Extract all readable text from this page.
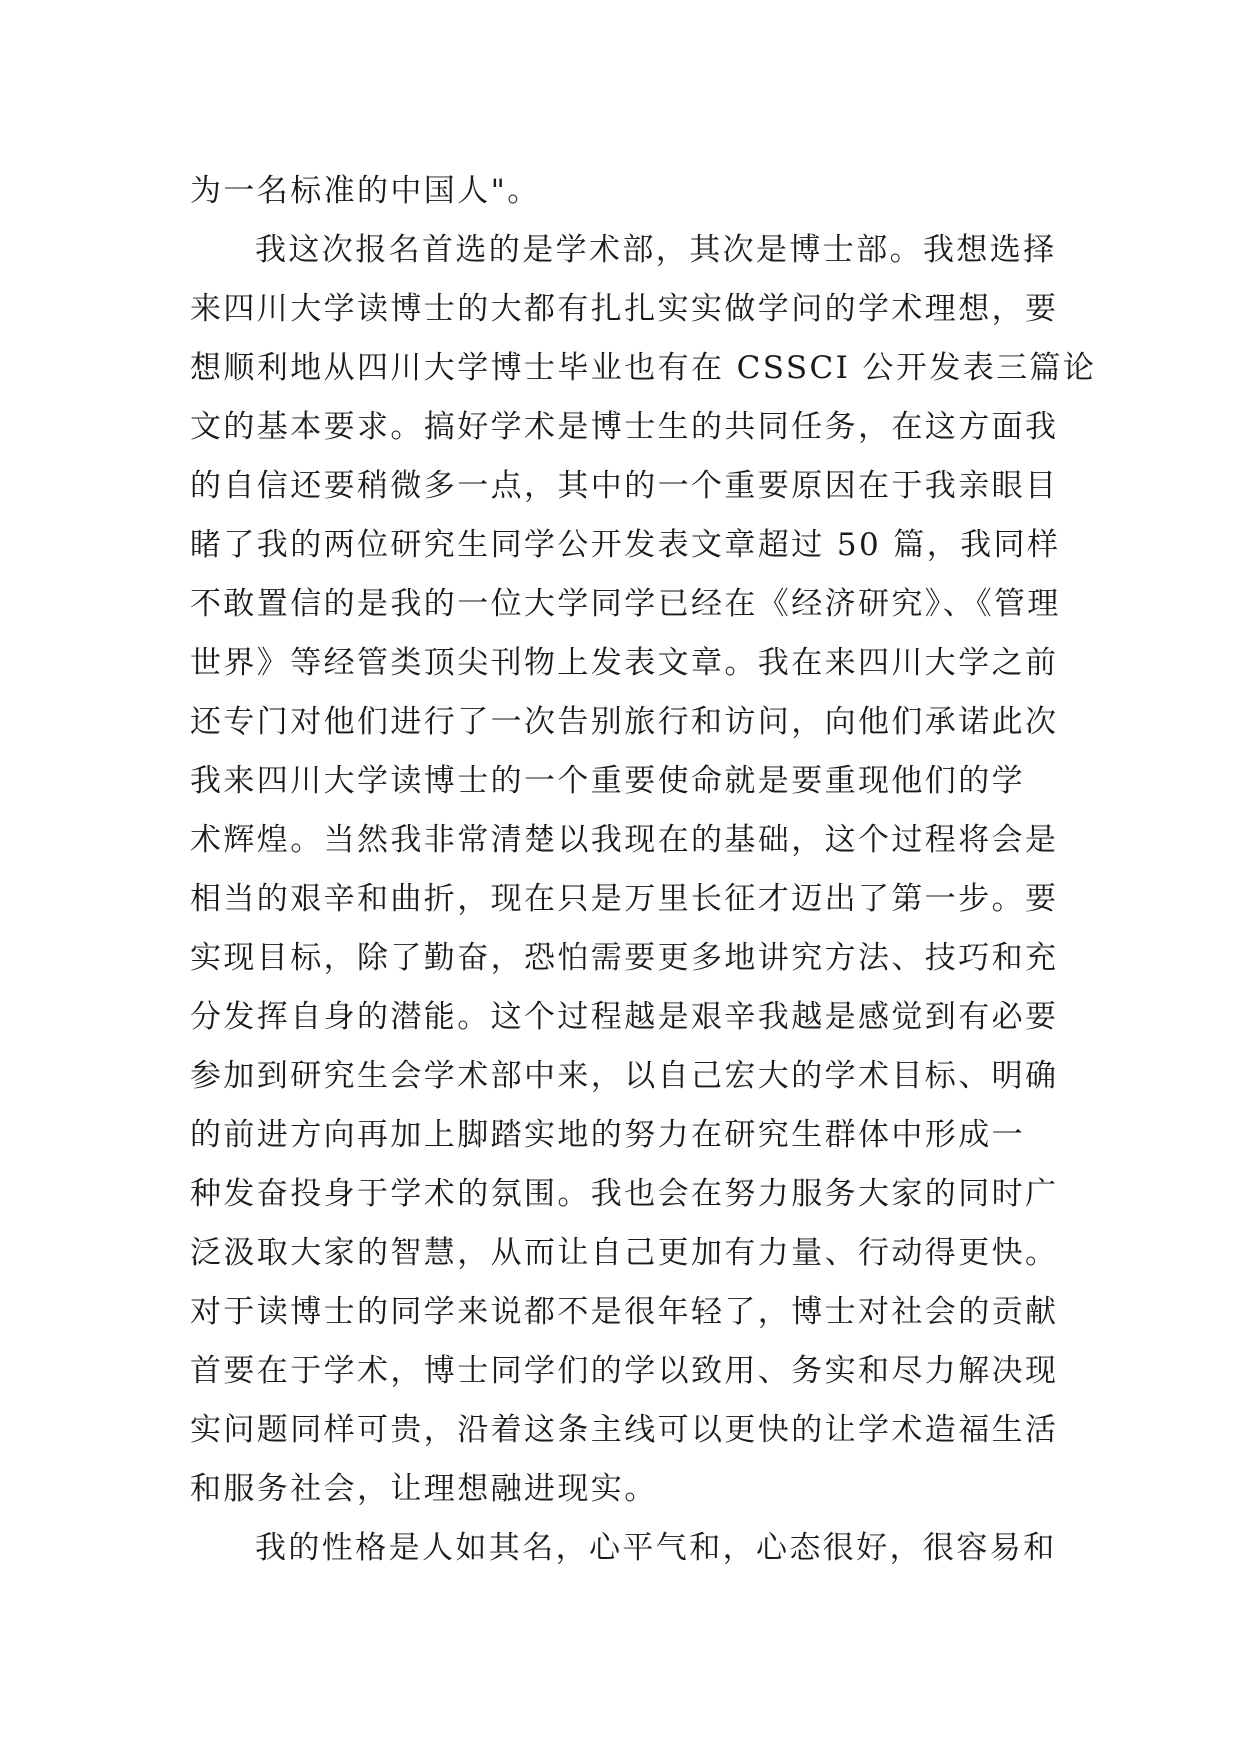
为一名标准的中国人"。
我这次报名首选的是学术部，其次是博士部。我想选择
来四川大学读博士的大都有扎扎实实做学问的学术理想，要
想顺利地从四川大学博士毕业也有在 CSSCI 公开发表三篇论
文的基本要求。搞好学术是博士生的共同任务，在这方面我
的自信还要稍微多一点，其中的一个重要原因在于我亲眼目
睹了我的两位研究生同学公开发表文章超过 50 篇，我同样
不敢置信的是我的一位大学同学已经在《经济研究》、《管理
世界》等经管类顶尖刊物上发表文章。我在来四川大学之前
还专门对他们进行了一次告别旅行和访问，向他们承诺此次
我来四川大学读博士的一个重要使命就是要重现他们的学
术辉煌。当然我非常清楚以我现在的基础，这个过程将会是
相当的艰辛和曲折，现在只是万里长征才迈出了第一步。要
实现目标，除了勤奋，恐怕需要更多地讲究方法、技巧和充
分发挥自身的潜能。这个过程越是艰辛我越是感觉到有必要
参加到研究生会学术部中来，以自己宏大的学术目标、明确
的前进方向再加上脚踏实地的努力在研究生群体中形成一
种发奋投身于学术的氛围。我也会在努力服务大家的同时广
泛汲取大家的智慧，从而让自己更加有力量、行动得更快。
对于读博士的同学来说都不是很年轻了，博士对社会的贡献
首要在于学术，博士同学们的学以致用、务实和尽力解决现
实问题同样可贵，沿着这条主线可以更快的让学术造福生活
和服务社会，让理想融进现实。
我的性格是人如其名，心平气和，心态很好，很容易和
